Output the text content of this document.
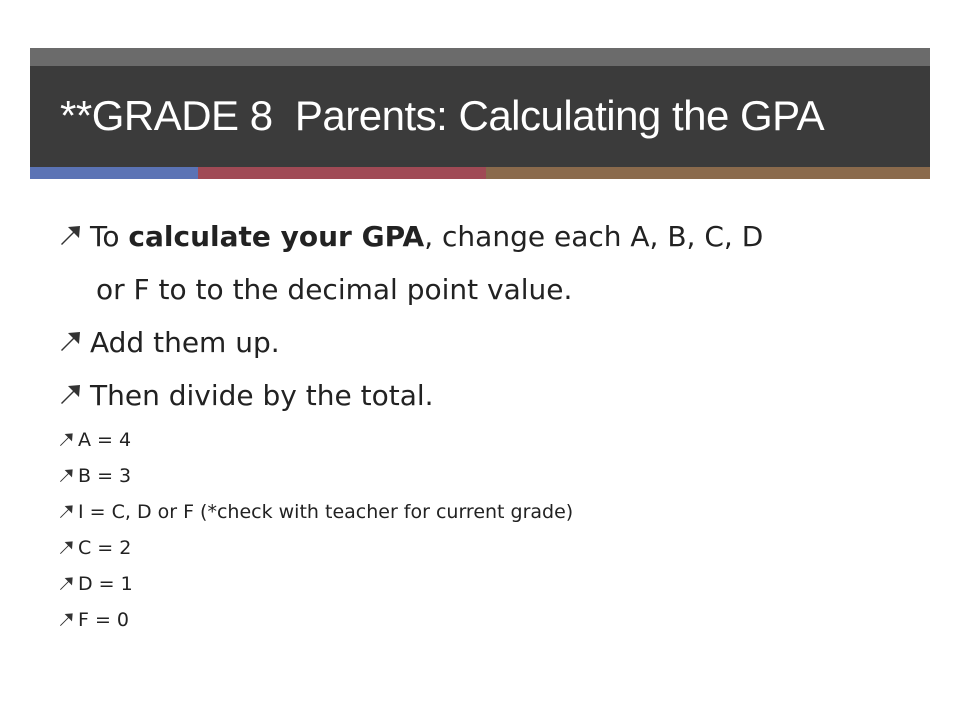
**GRADE 8  Parents: Calculating the GPA
To calculate your GPA, change each A, B, C, D
or F to to the decimal point value.
Add them up.
Then divide by the total.
A = 4
B = 3
I = C, D or F (*check with teacher for current grade)
C = 2
D = 1
F = 0
